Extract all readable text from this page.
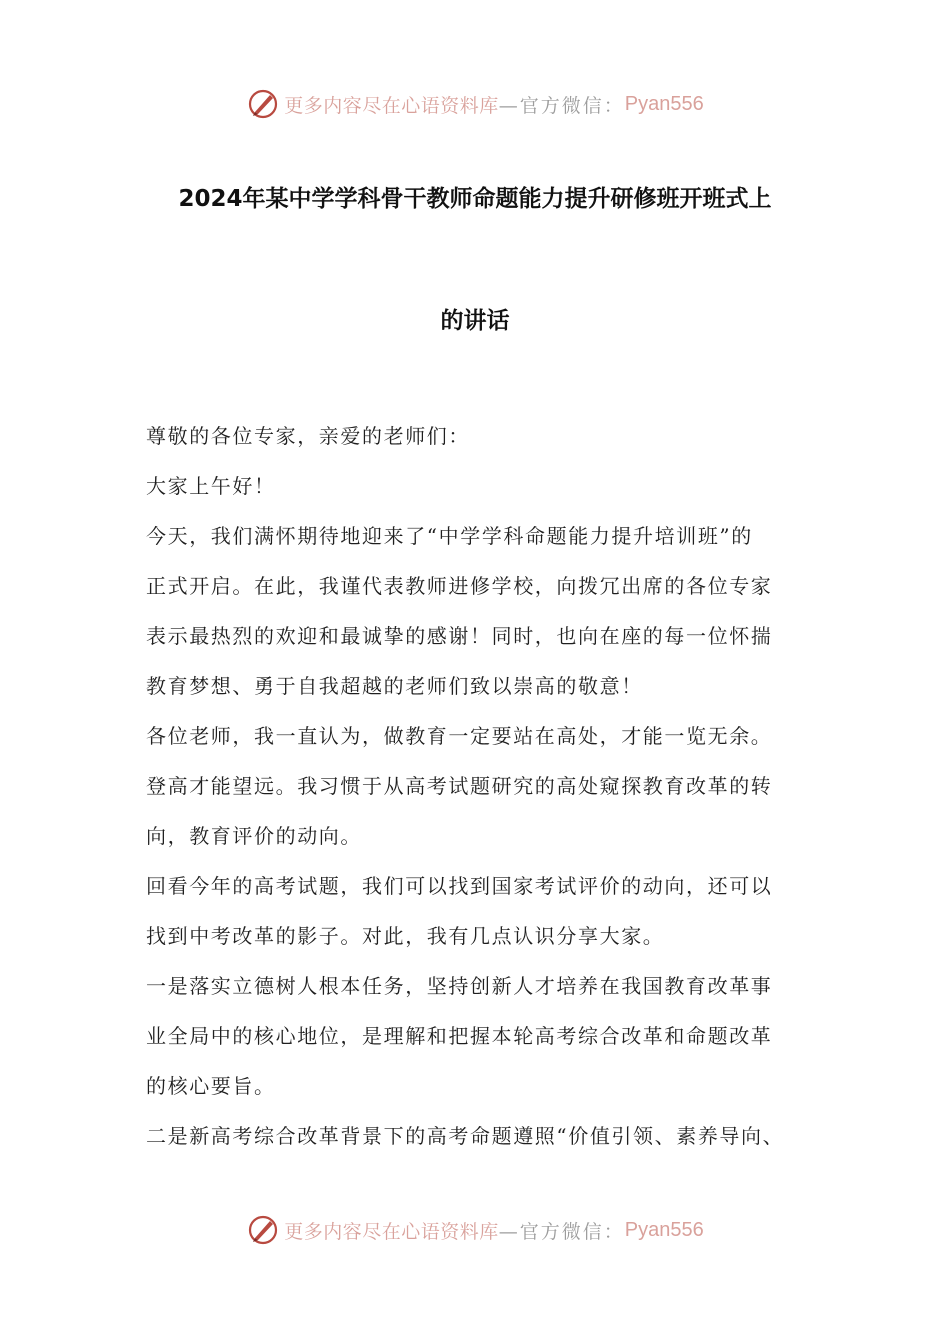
更多内容尽在心语资料库 —官方微信： Pyan556
2024年某中学学科骨干教师命题能力提升研修班开班式上
的讲话
尊敬的各位专家，亲爱的老师们：
大家上午好！
今天，我们满怀期待地迎来了“中学学科命题能力提升培训班”的
正式开启。在此，我谨代表教师进修学校，向拨冗出席的各位专家
表示最热烈的欢迎和最诚挚的感谢！同时，也向在座的每一位怀揣
教育梦想、勇于自我超越的老师们致以崇高的敬意！
各位老师，我一直认为，做教育一定要站在高处，才能一览无余。
登高才能望远。我习惯于从高考试题研究的高处窥探教育改革的转
向，教育评价的动向。
回看今年的高考试题，我们可以找到国家考试评价的动向，还可以
找到中考改革的影子。对此，我有几点认识分享大家。
一是落实立德树人根本任务，坚持创新人才培养在我国教育改革事
业全局中的核心地位，是理解和把握本轮高考综合改革和命题改革
的核心要旨。
二是新高考综合改革背景下的高考命题遵照“价值引领、素养导向、
更多内容尽在心语资料库 —官方微信： Pyan556
